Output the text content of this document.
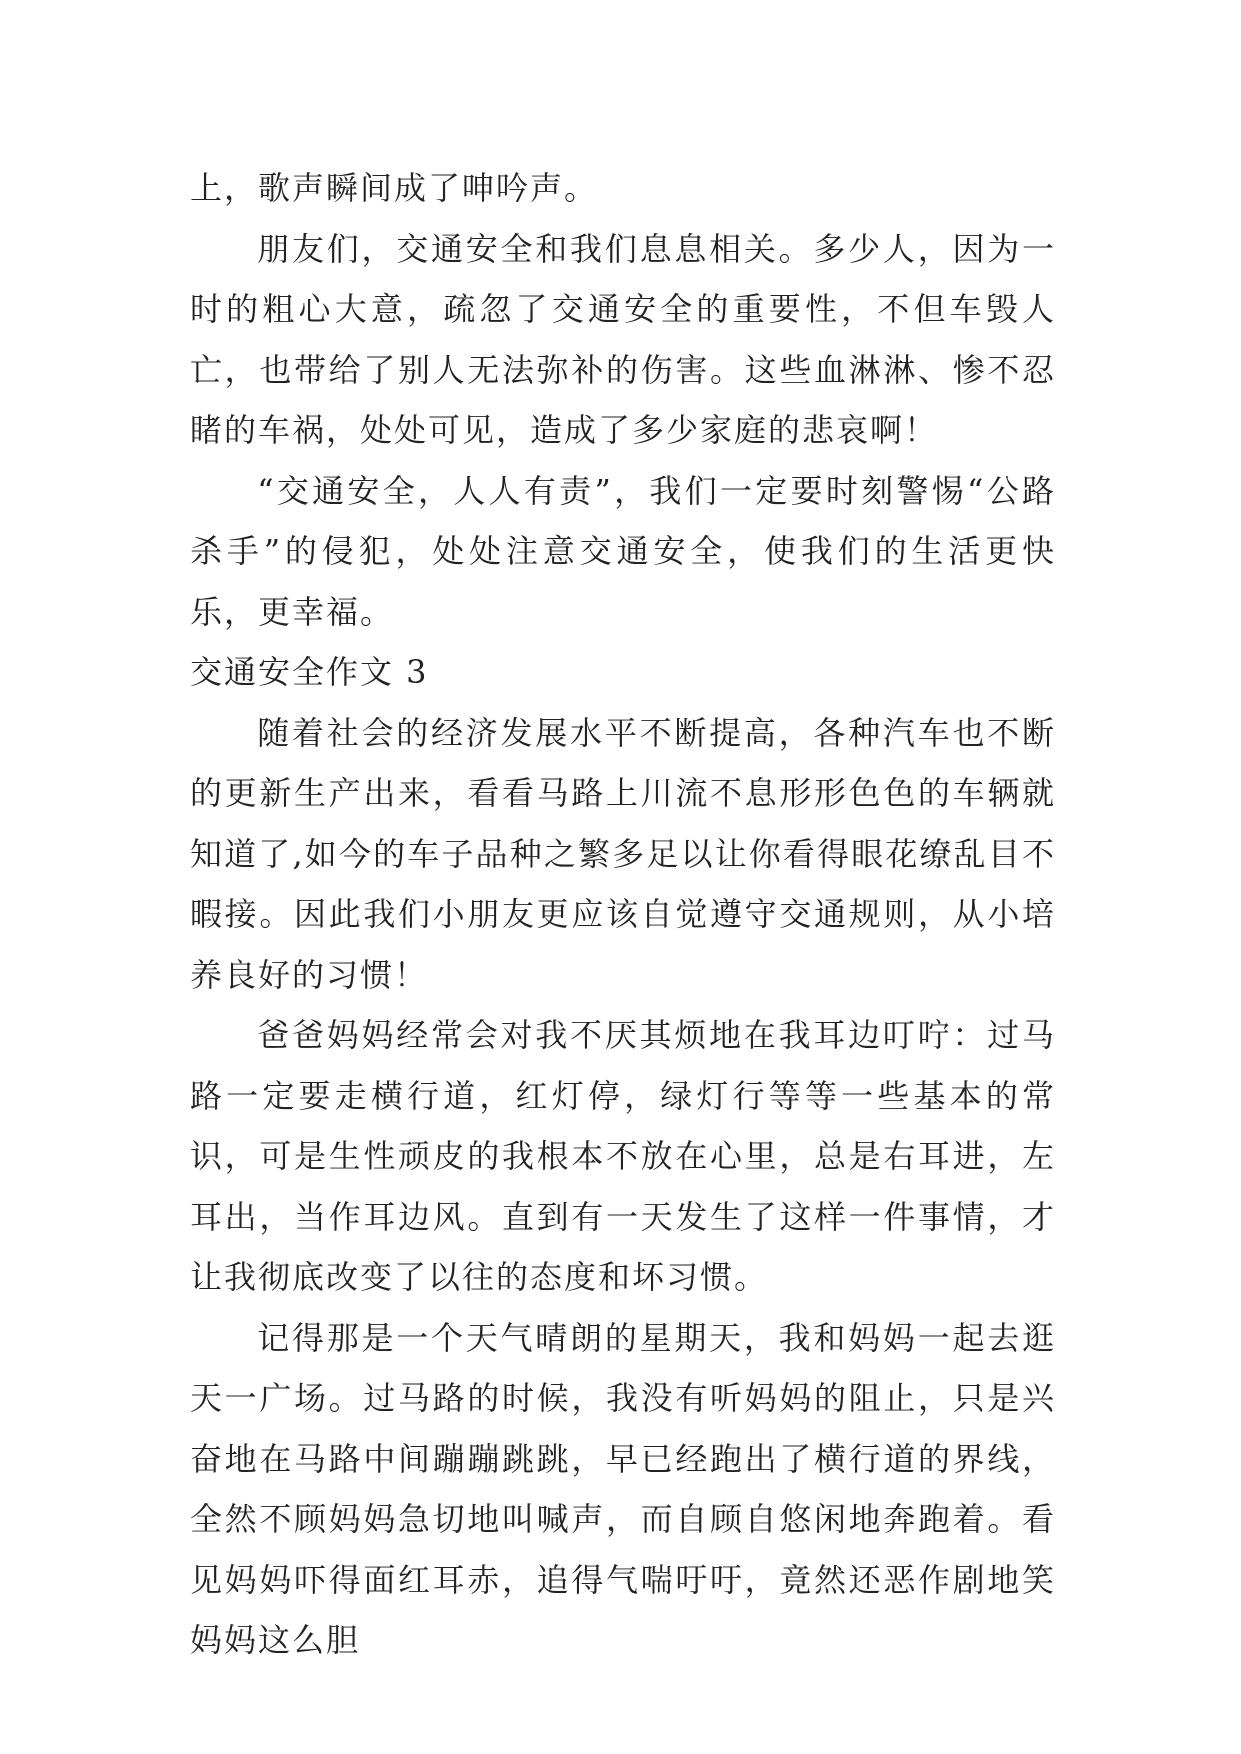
上，歌声瞬间成了呻吟声。

朋友们，交通安全和我们息息相关。多少人，因为一时的粗心大意，疏忽了交通安全的重要性，不但车毁人亡，也带给了别人无法弥补的伤害。这些血淋淋、惨不忍睹的车祸，处处可见，造成了多少家庭的悲哀啊！

“交通安全，人人有责”，我们一定要时刻警惕“公路杀手”的侵犯，处处注意交通安全，使我们的生活更快乐，更幸福。

交通安全作文 3

随着社会的经济发展水平不断提高，各种汽车也不断的更新生产出来，看看马路上川流不息形形色色的车辆就知道了,如今的车子品种之繁多足以让你看得眼花缭乱目不暇接。因此我们小朋友更应该自觉遵守交通规则，从小培养良好的习惯！

爸爸妈妈经常会对我不厌其烦地在我耳边叮咛：过马路一定要走横行道，红灯停，绿灯行等等一些基本的常识，可是生性顽皮的我根本不放在心里，总是右耳进，左耳出，当作耳边风。直到有一天发生了这样一件事情，才让我彻底改变了以往的态度和坏习惯。

记得那是一个天气晴朗的星期天，我和妈妈一起去逛天一广场。过马路的时候，我没有听妈妈的阻止，只是兴奋地在马路中间蹦蹦跳跳，早已经跑出了横行道的界线，全然不顾妈妈急切地叫喊声，而自顾自悠闲地奔跑着。看见妈妈吓得面红耳赤，追得气喘吁吁，竟然还恶作剧地笑妈妈这么胆
